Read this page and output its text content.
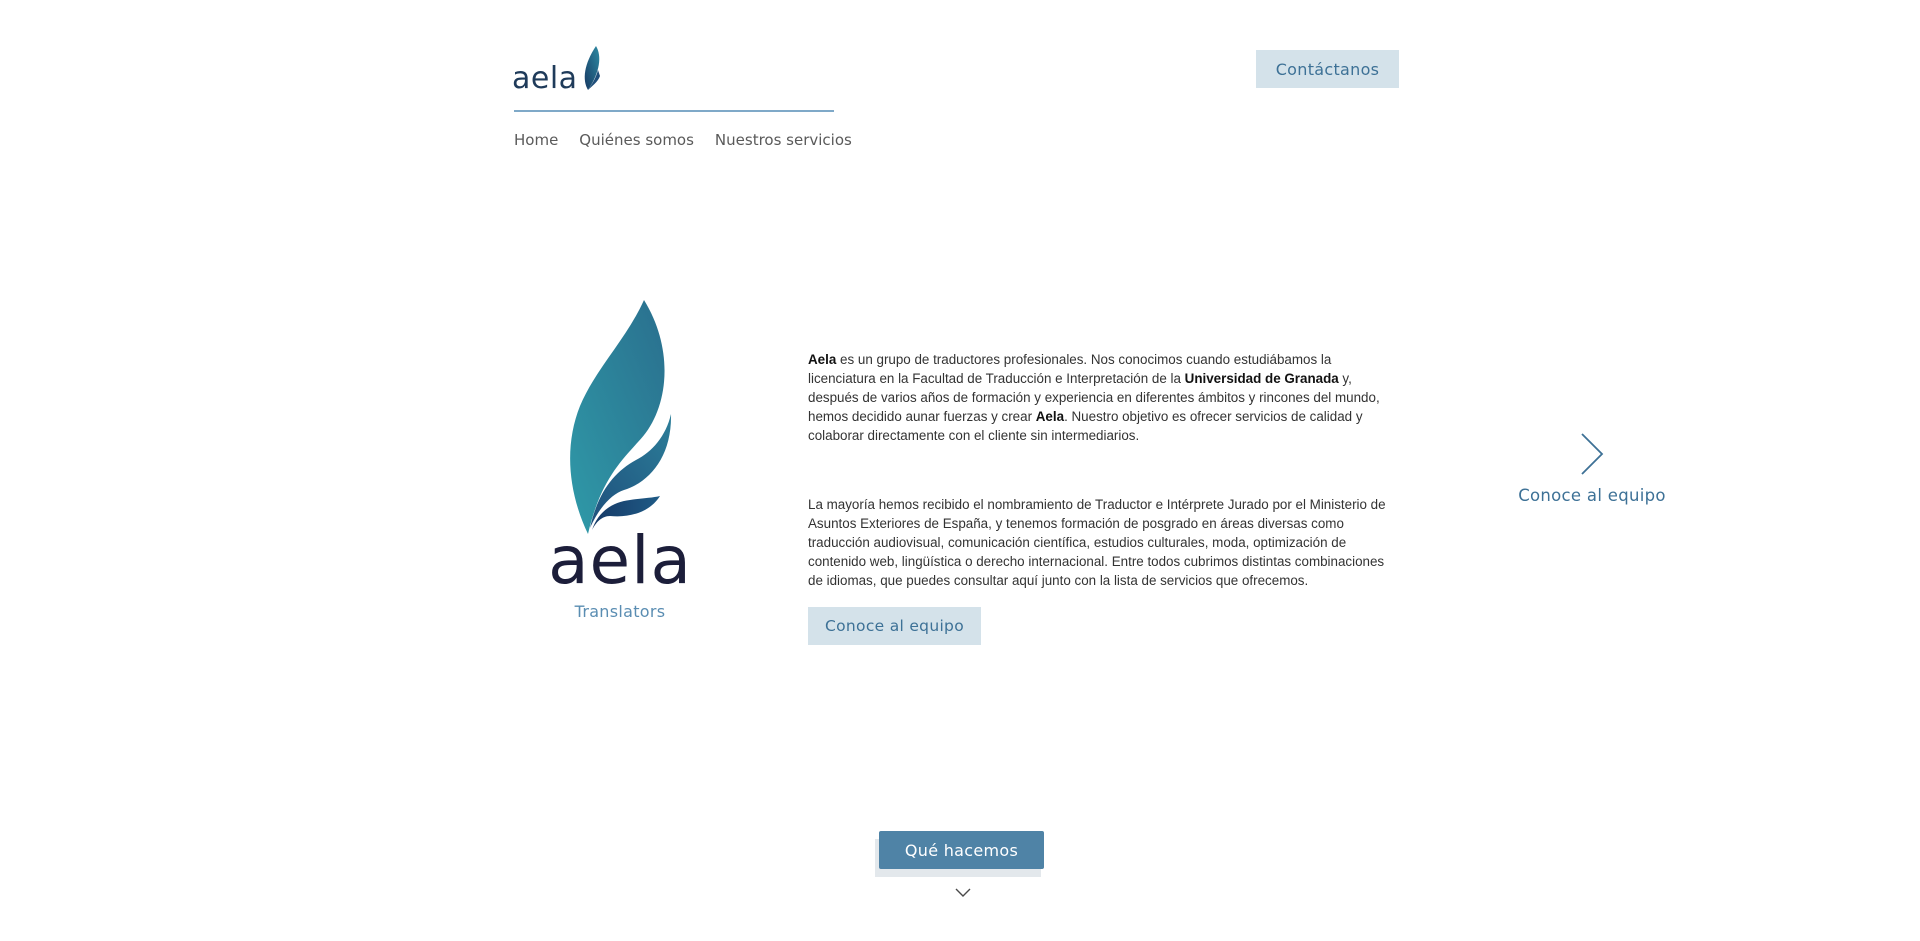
aela
Home Quiénes somos Nuestros servicios
Contáctanos
aela
Translators

Aela es un grupo de traductores profesionales. Nos conocimos cuando estudiábamos la licenciatura en la Facultad de Traducción e Interpretación de la Universidad de Granada y, después de varios años de formación y experiencia en diferentes ámbitos y rincones del mundo, hemos decidido aunar fuerzas y crear Aela. Nuestro objetivo es ofrecer servicios de calidad y colaborar directamente con el cliente sin intermediarios.

La mayoría hemos recibido el nombramiento de Traductor e Intérprete Jurado por el Ministerio de Asuntos Exteriores de España, y tenemos formación de posgrado en áreas diversas como traducción audiovisual, comunicación científica, estudios culturales, moda, optimización de contenido web, lingüística o derecho internacional. Entre todos cubrimos distintas combinaciones de idiomas, que puedes consultar aquí junto con la lista de servicios que ofrecemos.

Conoce al equipo
Conoce al equipo
Qué hacemos
